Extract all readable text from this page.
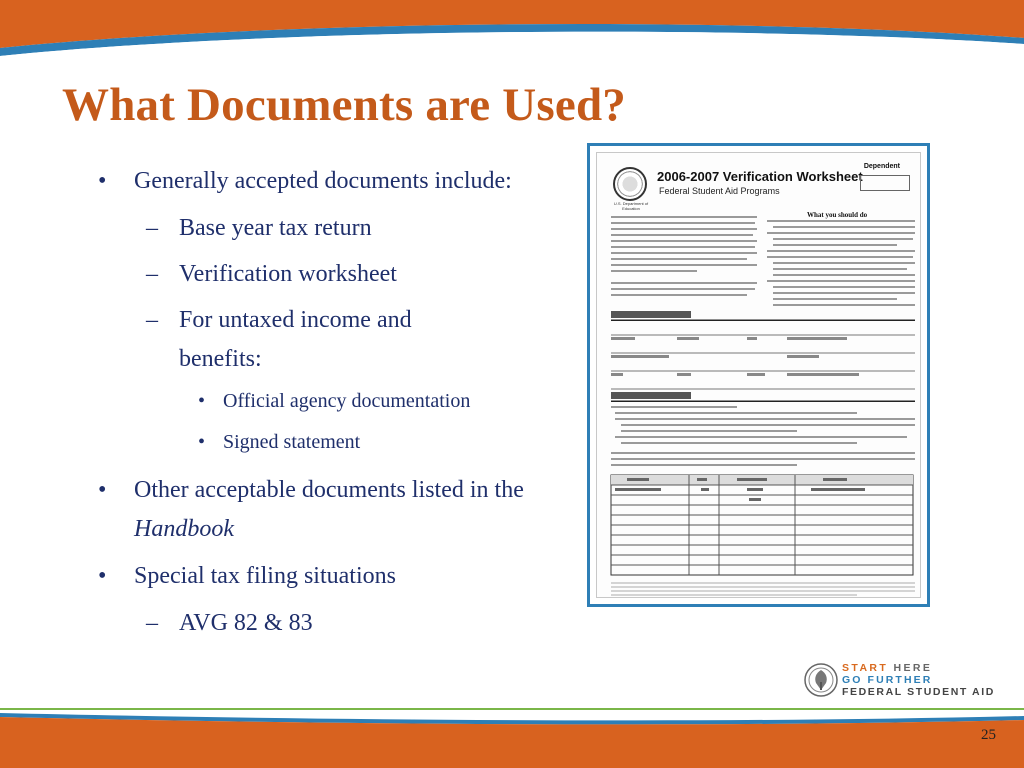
What Documents are Used?
• Generally accepted documents include:
– Base year tax return
– Verification worksheet
– For untaxed income and benefits:
• Official agency documentation
• Signed statement
• Other acceptable documents listed in the Handbook
• Special tax filing situations
– AVG 82 & 83
U.S. Department of Education
2006-2007 Verification Worksheet
Federal Student Aid Programs
Dependent
What you should do
START HERE
GO FURTHER
FEDERAL STUDENT AID
25
